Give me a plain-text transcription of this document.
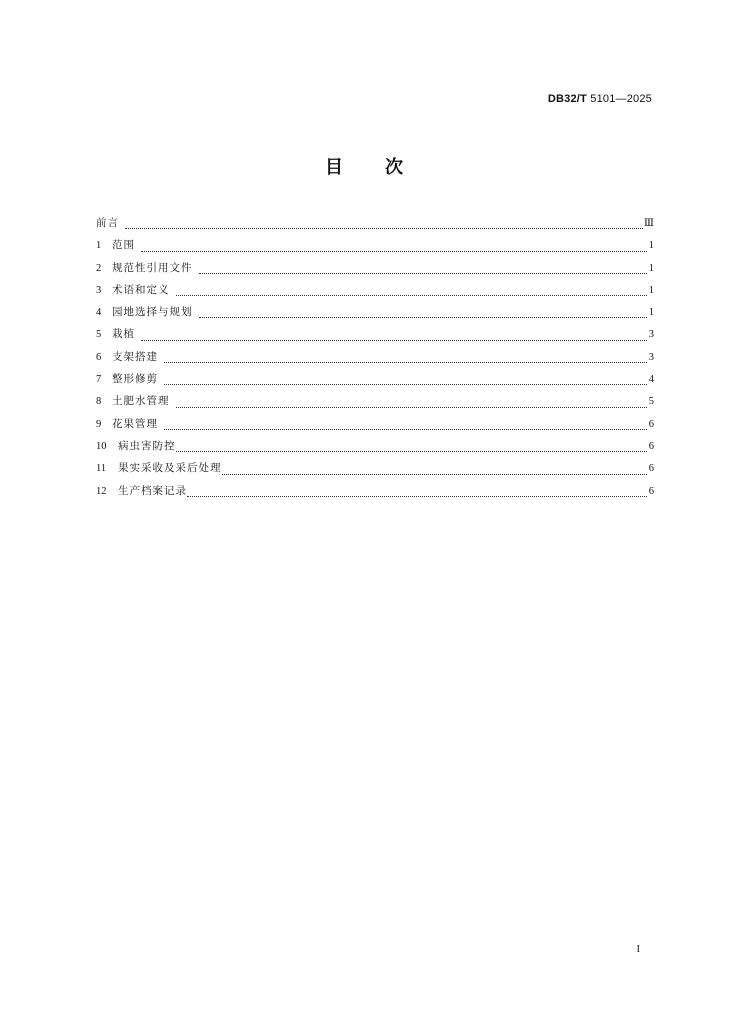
DB32/T 5101—2025
目 次
前言	Ⅲ
1	范围	1
2	规范性引用文件	1
3	术语和定义	1
4	园地选择与规划	1
5	栽植	3
6	支架搭建	3
7	整形修剪	4
8	土肥水管理	5
9	花果管理	6
10	病虫害防控	6
11	果实采收及采后处理	6
12	生产档案记录	6
I
